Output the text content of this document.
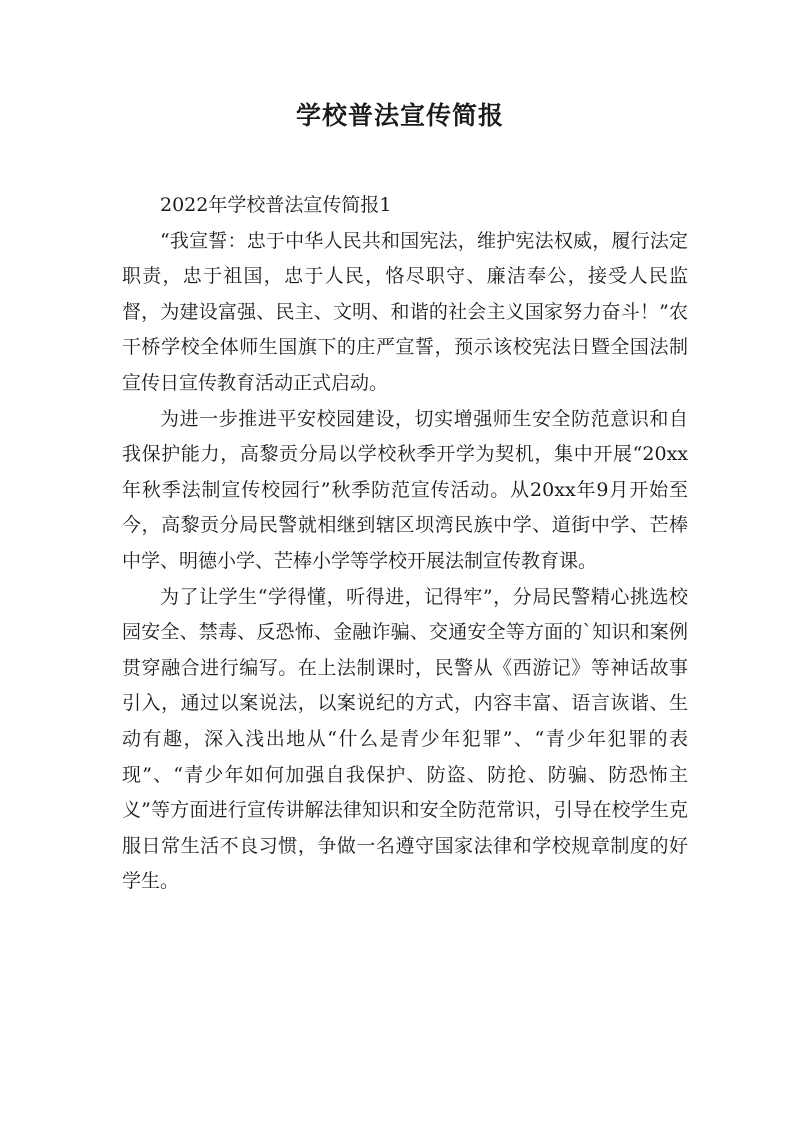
学校普法宣传简报

2022年学校普法宣传简报1

“我宣誓：忠于中华人民共和国宪法，维护宪法权威，履行法定职责，忠于祖国，忠于人民，恪尽职守、廉洁奉公，接受人民监督，为建设富强、民主、文明、和谐的社会主义国家努力奋斗！”农干桥学校全体师生国旗下的庄严宣誓，预示该校宪法日暨全国法制宣传日宣传教育活动正式启动。

为进一步推进平安校园建设，切实增强师生安全防范意识和自我保护能力，高黎贡分局以学校秋季开学为契机，集中开展“20xx年秋季法制宣传校园行”秋季防范宣传活动。从20xx年9月开始至今，高黎贡分局民警就相继到辖区坝湾民族中学、道街中学、芒棒中学、明德小学、芒棒小学等学校开展法制宣传教育课。

为了让学生“学得懂，听得进，记得牢”，分局民警精心挑选校园安全、禁毒、反恐怖、金融诈骗、交通安全等方面的`知识和案例贯穿融合进行编写。在上法制课时，民警从《西游记》等神话故事引入，通过以案说法，以案说纪的方式，内容丰富、语言诙谐、生动有趣，深入浅出地从“什么是青少年犯罪”、“青少年犯罪的表现”、“青少年如何加强自我保护、防盗、防抢、防骗、防恐怖主义”等方面进行宣传讲解法律知识和安全防范常识，引导在校学生克服日常生活不良习惯，争做一名遵守国家法律和学校规章制度的好学生。
